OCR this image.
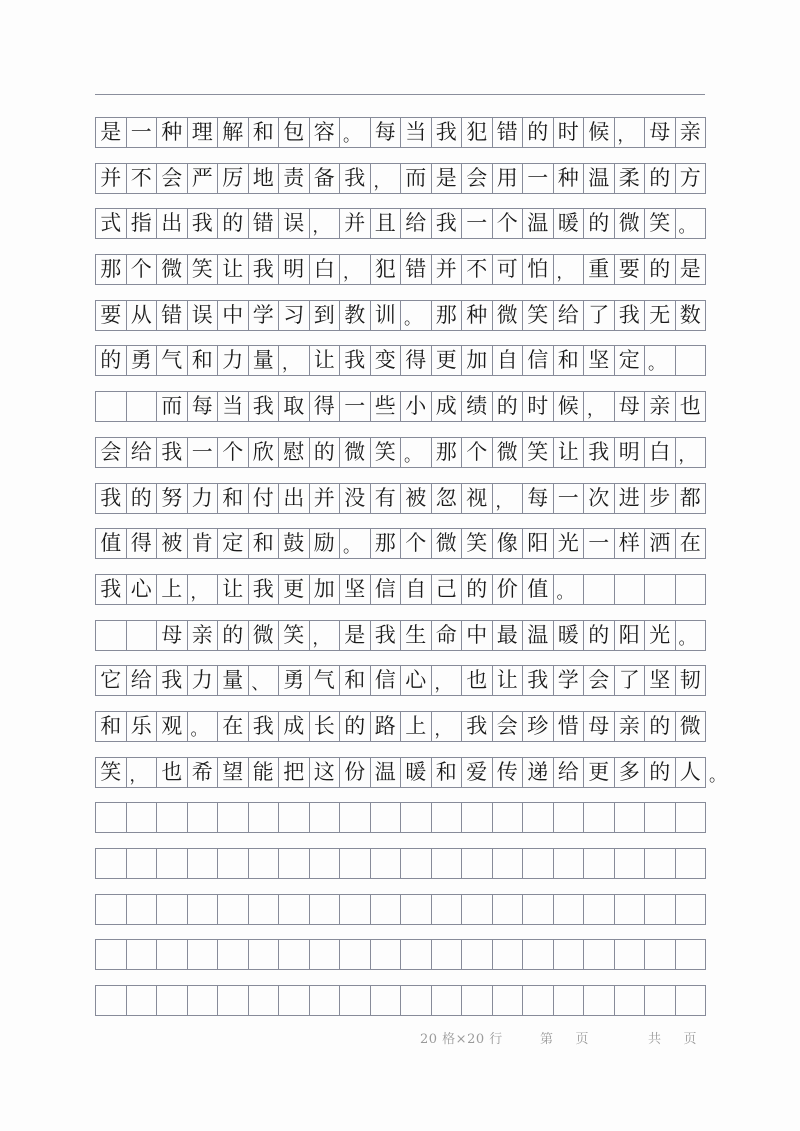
是 一 种 理 解 和 包 容 。 每 当 我 犯 错 的 时 候 ， 母 亲
并 不 会 严 厉 地 责 备 我 ， 而 是 会 用 一 种 温 柔 的 方
式 指 出 我 的 错 误 ， 并 且 给 我 一 个 温 暖 的 微 笑 。
那 个 微 笑 让 我 明 白 ， 犯 错 并 不 可 怕 ， 重 要 的 是
要 从 错 误 中 学 习 到 教 训 。 那 种 微 笑 给 了 我 无 数
的 勇 气 和 力 量 ， 让 我 变 得 更 加 自 信 和 坚 定 。
而 每 当 我 取 得 一 些 小 成 绩 的 时 候 ， 母 亲 也
会 给 我 一 个 欣 慰 的 微 笑 。 那 个 微 笑 让 我 明 白 ，
我 的 努 力 和 付 出 并 没 有 被 忽 视 ， 每 一 次 进 步 都
值 得 被 肯 定 和 鼓 励 。 那 个 微 笑 像 阳 光 一 样 洒 在
我 心 上 ， 让 我 更 加 坚 信 自 己 的 价 值 。
母 亲 的 微 笑 ， 是 我 生 命 中 最 温 暖 的 阳 光 。
它 给 我 力 量 、 勇 气 和 信 心 ， 也 让 我 学 会 了 坚 韧
和 乐 观 。 在 我 成 长 的 路 上 ， 我 会 珍 惜 母 亲 的 微
笑 ， 也 希 望 能 把 这 份 温 暖 和 爱 传 递 给 更 多 的 人 。
20 格×20 行	第 页	共 页
